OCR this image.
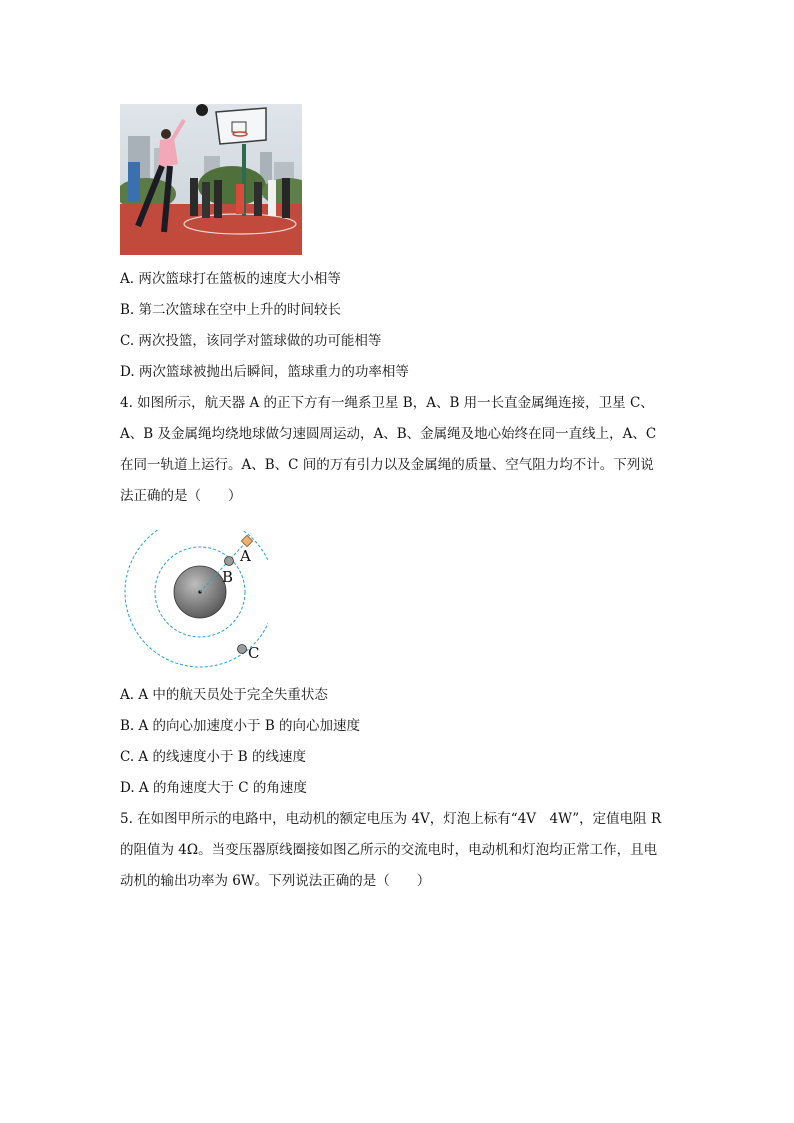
A. 两次篮球打在篮板的速度大小相等

B. 第二次篮球在空中上升的时间较长

C. 两次投篮，该同学对篮球做的功可能相等

D. 两次篮球被抛出后瞬间，篮球重力的功率相等

4. 如图所示，航天器 A 的正下方有一绳系卫星 B，A、B 用一长直金属绳连接，卫星 C、

A、B 及金属绳均绕地球做匀速圆周运动，A、B、金属绳及地心始终在同一直线上，A、C

在同一轨道上运行。A、B、C 间的万有引力以及金属绳的质量、空气阻力均不计。下列说

法正确的是（　　）

A
B
C

A. A 中的航天员处于完全失重状态

B. A 的向心加速度小于 B 的向心加速度

C. A 的线速度小于 B 的线速度

D. A 的角速度大于 C 的角速度

5. 在如图甲所示的电路中，电动机的额定电压为 4V，灯泡上标有“4V　4W”，定值电阻 R

的阻值为 4Ω。当变压器原线圈接如图乙所示的交流电时，电动机和灯泡均正常工作，且电

动机的输出功率为 6W。下列说法正确的是（　　）
